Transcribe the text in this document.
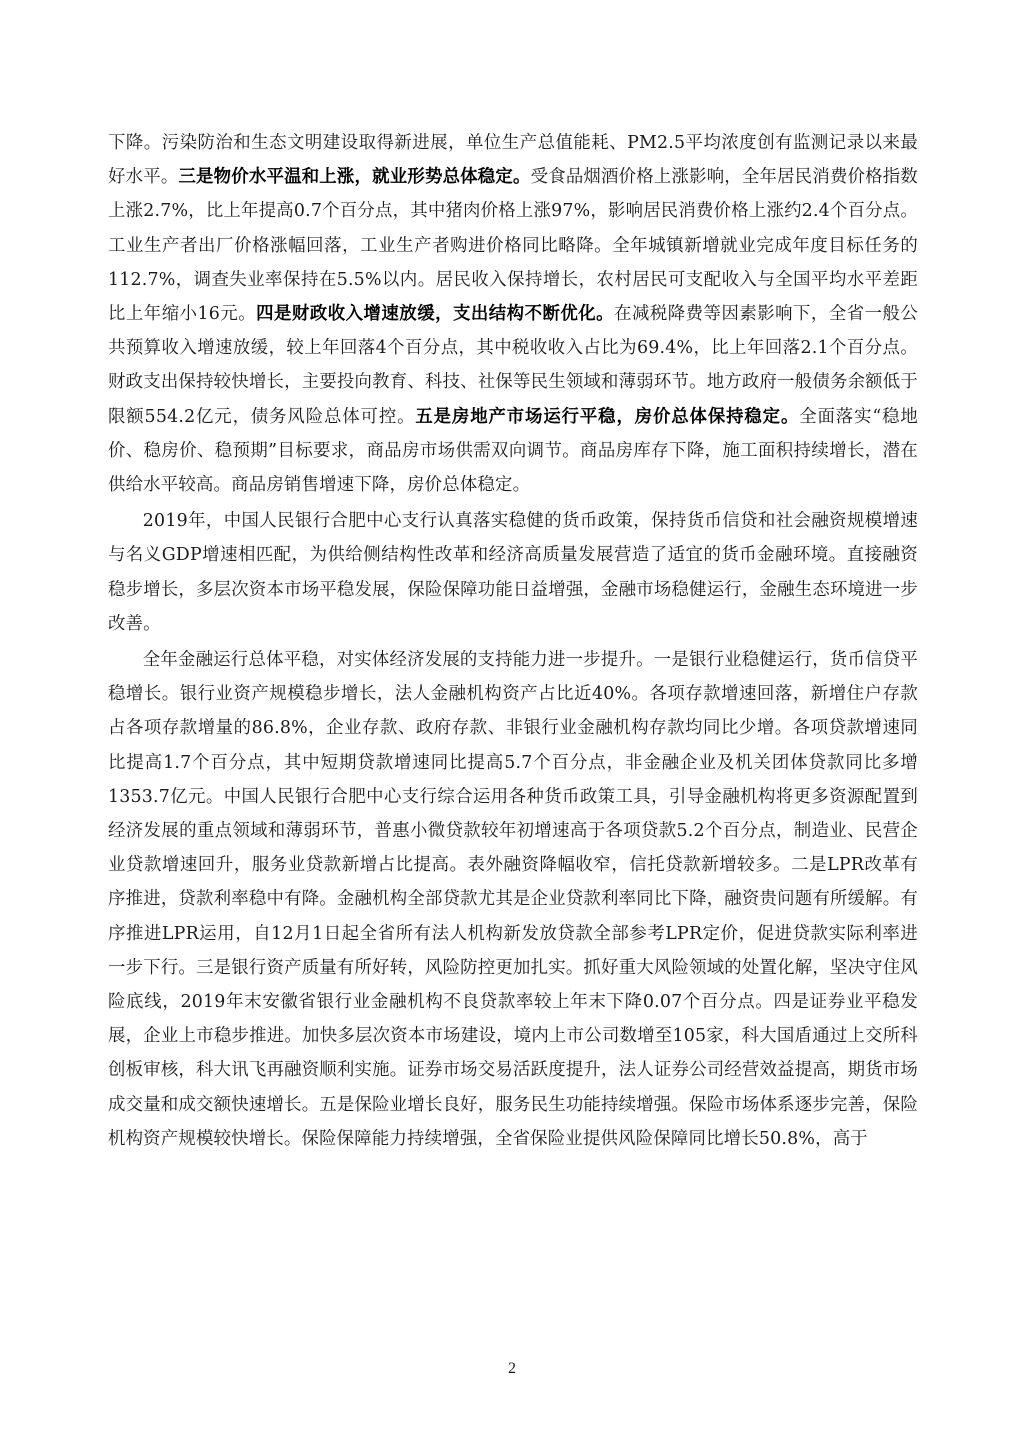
下降。污染防治和生态文明建设取得新进展，单位生产总值能耗、PM2.5平均浓度创有监测记录以来最好水平。三是物价水平温和上涨，就业形势总体稳定。受食品烟酒价格上涨影响，全年居民消费价格指数上涨2.7%，比上年提高0.7个百分点，其中猪肉价格上涨97%，影响居民消费价格上涨约2.4个百分点。工业生产者出厂价格涨幅回落，工业生产者购进价格同比略降。全年城镇新增就业完成年度目标任务的112.7%，调查失业率保持在5.5%以内。居民收入保持增长，农村居民可支配收入与全国平均水平差距比上年缩小16元。四是财政收入增速放缓，支出结构不断优化。在减税降费等因素影响下，全省一般公共预算收入增速放缓，较上年回落4个百分点，其中税收收入占比为69.4%，比上年回落2.1个百分点。财政支出保持较快增长，主要投向教育、科技、社保等民生领域和薄弱环节。地方政府一般债务余额低于限额554.2亿元，债务风险总体可控。五是房地产市场运行平稳，房价总体保持稳定。全面落实“稳地价、稳房价、稳预期”目标要求，商品房市场供需双向调节。商品房库存下降，施工面积持续增长，潜在供给水平较高。商品房销售增速下降，房价总体稳定。

2019年，中国人民银行合肥中心支行认真落实稳健的货币政策，保持货币信贷和社会融资规模增速与名义GDP增速相匹配，为供给侧结构性改革和经济高质量发展营造了适宜的货币金融环境。直接融资稳步增长，多层次资本市场平稳发展，保险保障功能日益增强，金融市场稳健运行，金融生态环境进一步改善。

全年金融运行总体平稳，对实体经济发展的支持能力进一步提升。一是银行业稳健运行，货币信贷平稳增长。银行业资产规模稳步增长，法人金融机构资产占比近40%。各项存款增速回落，新增住户存款占各项存款增量的86.8%，企业存款、政府存款、非银行业金融机构存款均同比少增。各项贷款增速同比提高1.7个百分点，其中短期贷款增速同比提高5.7个百分点，非金融企业及机关团体贷款同比多增1353.7亿元。中国人民银行合肥中心支行综合运用各种货币政策工具，引导金融机构将更多资源配置到经济发展的重点领域和薄弱环节，普惠小微贷款较年初增速高于各项贷款5.2个百分点，制造业、民营企业贷款增速回升，服务业贷款新增占比提高。表外融资降幅收窄，信托贷款新增较多。二是LPR改革有序推进，贷款利率稳中有降。金融机构全部贷款尤其是企业贷款利率同比下降，融资贵问题有所缓解。有序推进LPR运用，自12月1日起全省所有法人机构新发放贷款全部参考LPR定价，促进贷款实际利率进一步下行。三是银行资产质量有所好转，风险防控更加扎实。抓好重大风险领域的处置化解，坚决守住风险底线，2019年末安徽省银行业金融机构不良贷款率较上年末下降0.07个百分点。四是证券业平稳发展，企业上市稳步推进。加快多层次资本市场建设，境内上市公司数增至105家，科大国盾通过上交所科创板审核，科大讯飞再融资顺利实施。证券市场交易活跃度提升，法人证券公司经营效益提高，期货市场成交量和成交额快速增长。五是保险业增长良好，服务民生功能持续增强。保险市场体系逐步完善，保险机构资产规模较快增长。保险保障能力持续增强，全省保险业提供风险保障同比增长50.8%，高于

2
